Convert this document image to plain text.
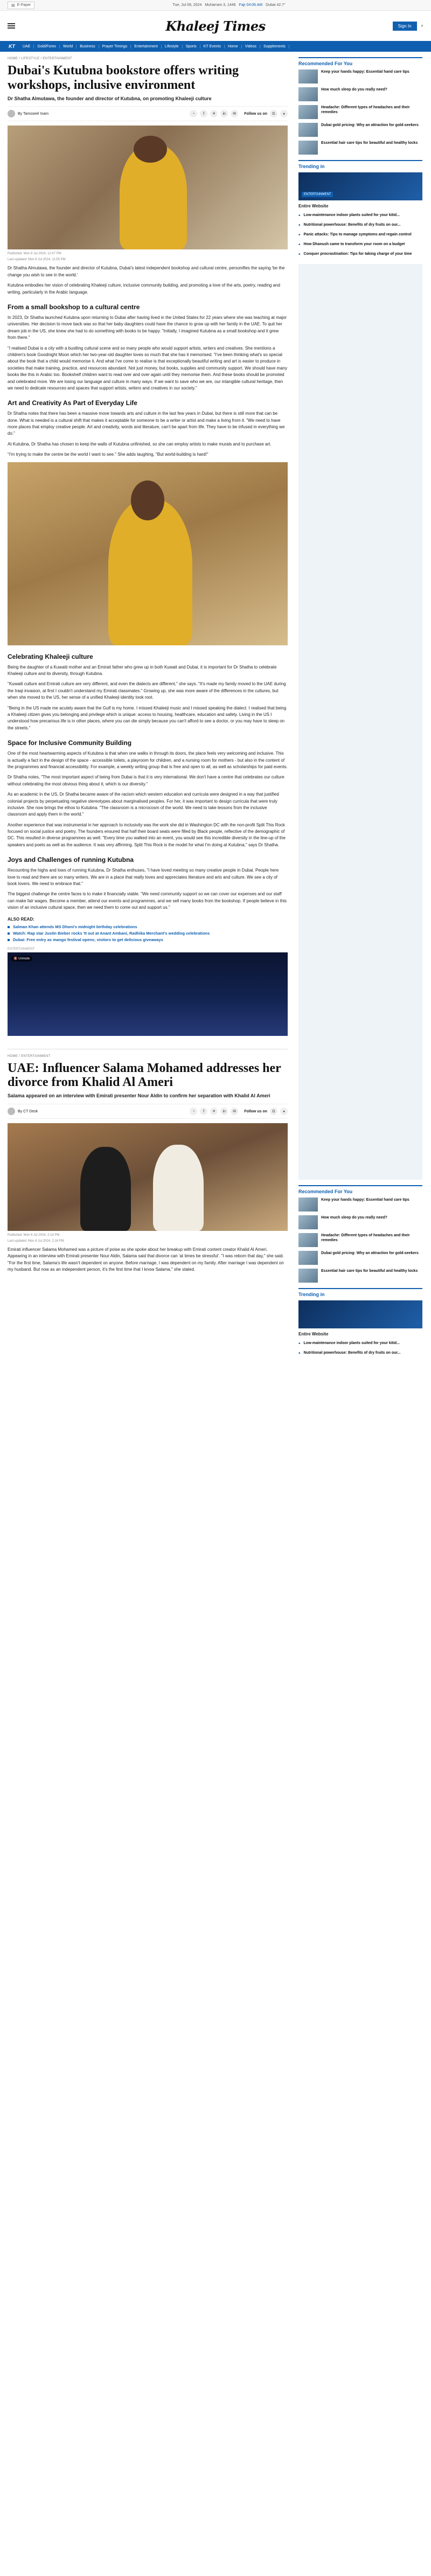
▤ E-Paper	Tue, Jul 09, 2024 Muharram 3, 1446 Fajr 04:06 AM Dubai 42.7°
Khaleej Times	Sign In	⌕
KT	UAE	Gold/Forex	World	Business	Prayer Timings	Entertainment	Lifestyle	Sports	KT Events	Home	Videos	Supplements
HOME / LIFESTYLE / ENTERTAINMENT
Dubai's Kutubna bookstore offers writing workshops, inclusive environment
Dr Shatha Almutawa, the founder and director of Kutubna, on promoting Khaleeji culture
By Tamsseel Inam	◔	f	✕	in	✉	Follow us on	G	◕
Published: Mon 8 Jul 2024, 12:47 PM
Last updated: Mon 8 Jul 2024, 11:55 PM

Dr Shatha Almutawa, the founder and director of Kutubna, Dubai's latest independent bookshop and cultural centre, personifies the saying 'be the change you wish to see in the world.'

Kutubna embodies her vision of celebrating Khaleeji culture, inclusive community building, and promoting a love of the arts, poetry, reading and writing, particularly in the Arabic language.

From a small bookshop to a cultural centre

In 2023, Dr Shatha launched Kutubna upon returning to Dubai after having lived in the United States for 22 years where she was teaching at major universities. Her decision to move back was so that her baby daughters could have the chance to grow up with her family in the UAE. To quit her dream job in the US, she knew she had to do something with books to be happy. "Initially, I imagined Kutubna as a small bookshop and it grew from there."

"I realised Dubai is a city with a bustling cultural scene and so many people who would support artists, writers and creatives. She mentions a children's book Goodnight Moon which her two-year-old daughter loves so much that she has it memorised. "I've been thinking what's so special about the book that a child would memorise it. And what I've come to realise is that exceptionally beautiful writing and art is easier to produce in societies that make training, practice, and resources abundant. Not just money, but books, supplies and community support. We should have many books like this in Arabic too. Bookshelf children want to read over and over again until they memorise them. And these books should be promoted and celebrated more. We are losing our language and culture in many ways. If we want to save who we are, our intangible cultural heritage, then we need to dedicate resources and spaces that support artists, writers and creatives in our society."

Art and Creativity As Part of Everyday Life

Dr Shatha notes that there has been a massive move towards arts and culture in the last few years in Dubai, but there is still more that can be done. What is needed is a cultural shift that makes it acceptable for someone to be a writer or artist and make a living from it. "We need to have more places that employ creative people. Art and creativity, words and literature, can't be apart from life. They have to be infused in everything we do."

At Kutubna, Dr Shatha has chosen to keep the walls of Kutubna unfinished, so she can employ artists to make murals and to purchase art.

"I'm trying to make the centre be the world I want to see." She adds laughing, "But world-building is hard!"

Celebrating Khaleeji culture

Being the daughter of a Kuwaiti mother and an Emirati father who grew up in both Kuwait and Dubai, it is important for Dr Shatha to celebrate Khaleeji culture and its diversity, through Kutubna.

"Kuwaiti culture and Emirati culture are very different, and even the dialects are different," she says. "It's made my family moved to the UAE during the Iraqi invasion, at first I couldn't understand my Emirati classmates." Growing up, she was more aware of the differences in the cultures, but when she moved to the US, her sense of a unified Khaleeji identity took root.

"Being in the US made me acutely aware that the Gulf is my home. I missed Khaleeji music and I missed speaking the dialect. I realised that being a Khaleeji citizen gives you belonging and privilege which is unique: access to housing, healthcare, education and safety. Living in the US I understood how precarious life is in other places, where you can die simply because you can't afford to see a doctor, or you may have to sleep on the streets."

Space for Inclusive Community Building

One of the most heartwarming aspects of Kutubna is that when one walks in through its doors, the place feels very welcoming and inclusive. This is actually a fact in the design of the space - accessible toilets, a playroom for children, and a nursing room for mothers - but also in the content of the programmes and financial accessibility. For example, a weekly writing group that is free and open to all, as well as scholarships for paid events.

Dr Shatha notes, "The most important aspect of being from Dubai is that it is very international. We don't have a centre that celebrates our culture without celebrating the most obvious thing about it, which is our diversity."

As an academic in the US, Dr Shatha became aware of the racism which western education and curricula were designed in a way that justified colonial projects by perpetuating negative stereotypes about marginalised peoples. For her, it was important to design curricula that were truly inclusive. She now brings the ethos to Kutubna. "The classroom is a microcosm of the world. We need to take lessons from the inclusive classroom and apply them in the world."

Another experience that was instrumental in her approach to inclusivity was the work she did in Washington DC with the non-profit Split This Rock focused on social justice and poetry. The founders ensured that half their board seats were filled by Black people, reflective of the demographic of DC. This resulted in diverse programmes as well. "Every time you walked into an event, you would see this incredible diversity in the line-up of the speakers and poets as well as the audience. It was very affirming. Split This Rock is the model for what I'm doing at Kutubna," says Dr Shatha.

Joys and Challenges of running Kutubna

Recounting the highs and lows of running Kutubna, Dr Shatha enthuses, "I have loved meeting so many creative people in Dubai. People here love to read and there are so many writers. We are in a place that really loves and appreciates literature and arts and culture. We see a city of book lovers. We need to embrace that."

The biggest challenge the centre faces is to make it financially viable. "We need community support so we can cover our expenses and our staff can make fair wages. Become a member, attend our events and programmes, and we sell many books from the bookshop. If people believe in this vision of an inclusive cultural space, then we need them to come out and support us."

ALSO READ:
Salman Khan attends MS Dhoni's midnight birthday celebrations
Watch: Rap star Justin Bieber rocks 'It out at Anant Ambani, Radhika Merchant's wedding celebrations
Dubai: Free entry as mango festival opens; visitors to get delicious giveaways
ENTERTAINMENT
🔇 Unmute
HOME / ENTERTAINMENT
UAE: Influencer Salama Mohamed addresses her divorce from Khalid Al Ameri
Salama appeared on an interview with Emirati presenter Nour Aldin to confirm her separation with Khalid Al Ameri
By CT Desk	◔	f	✕	in	✉	Follow us on	G	◕
Published: Mon 8 Jul 2024, 2:14 PM
Last updated: Mon 8 Jul 2024, 2:16 PM

Emirati influencer Salama Mohamed was a picture of poise as she spoke about her breakup with Emirati content creator Khalid Al Ameri. Appearing in an interview with Emirati presenter Nour Aldin, Salama said that divorce can 'at times be stressful'. "I was reborn that day," she said. "For the first time, Salama's life wasn't dependent on anyone. Before marriage, I was dependent on my family. After marriage I was dependent on my husband. But now as an independent person, it's the first time that I know Salama," she stated.

Recommended For You
Keep your hands happy: Essential hand care tips
How much sleep do you really need?
Headache: Different types of headaches and their remedies
Dubai gold pricing: Why an attraction for gold-seekers
Essential hair care tips for beautiful and healthy locks
Trending in
ENTERTAINMENT
Entire Website
• Low-maintenance indoor plants suited for your kitid...
• Nutritional powerhouse: Benefits of dry fruits on our...
• Panic attacks: Tips to manage symptoms and regain control
• How Dhanush came to transform your room on a budget
• Conquer procrastination: Tips for taking charge of your time
Recommended For You
Keep your hands happy: Essential hand care tips
How much sleep do you really need?
Headache: Different types of headaches and their remedies
Dubai gold pricing: Why an attraction for gold-seekers
Essential hair care tips for beautiful and healthy locks
Trending in
Entire Website
• Low-maintenance indoor plants suited for your kitid...
• Nutritional powerhouse: Benefits of dry fruits on our...
